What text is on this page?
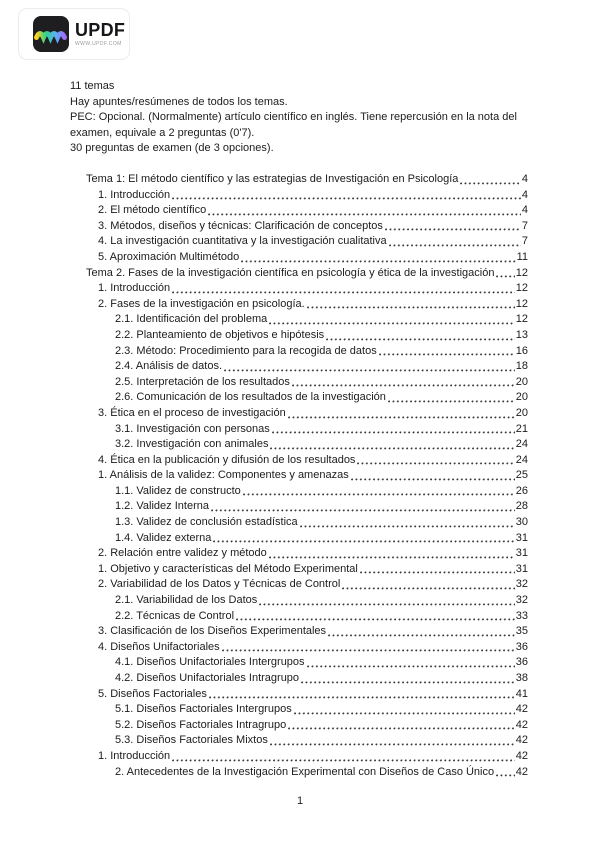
UPDF
WWW.UPDF.COM

11 temas

Hay apuntes/resúmenes de todos los temas.

PEC: Opcional. (Normalmente) artículo científico en inglés. Tiene repercusión en la nota del examen, equivale a 2 preguntas (0'7).

30 preguntas de examen (de 3 opciones).

Tema 1: El método científico y las estrategias de Investigación en Psicología	4
1. Introducción	4
2. El método científico	4
3. Métodos, diseños y técnicas: Clarificación de conceptos	7
4. La investigación cuantitativa y la investigación cualitativa	7
5. Aproximación Multimétodo	11
Tema 2. Fases de la investigación científica en psicología y ética de la investigación 12
1. Introducción	12
2. Fases de la investigación en psicología.	12
2.1. Identificación del problema	12
2.2. Planteamiento de objetivos e hipótesis	13
2.3. Método: Procedimiento para la recogida de datos	16
2.4. Análisis de datos.	18
2.5. Interpretación de los resultados	20
2.6. Comunicación de los resultados de la investigación	20
3. Ética en el proceso de investigación	20
3.1. Investigación con personas	21
3.2. Investigación con animales	24
4. Ética en la publicación y difusión de los resultados	24
1. Análisis de la validez: Componentes y amenazas	25
1.1. Validez de constructo	26
1.2. Validez Interna	28
1.3. Validez de conclusión estadística	30
1.4. Validez externa	31
2. Relación entre validez y método	31
1. Objetivo y características del Método Experimental	31
2. Variabilidad de los Datos y Técnicas de Control	32
2.1. Variabilidad de los Datos	32
2.2. Técnicas de Control	33
3. Clasificación de los Diseños Experimentales	35
4. Diseños Unifactoriales	36
4.1. Diseños Unifactoriales Intergrupos	36
4.2. Diseños Unifactoriales Intragrupo	38
5. Diseños Factoriales	41
5.1. Diseños Factoriales Intergrupos	42
5.2. Diseños Factoriales Intragrupo	42
5.3. Diseños Factoriales Mixtos	42
1. Introducción	42
2. Antecedentes de la Investigación Experimental con Diseños de Caso Único 42
1
